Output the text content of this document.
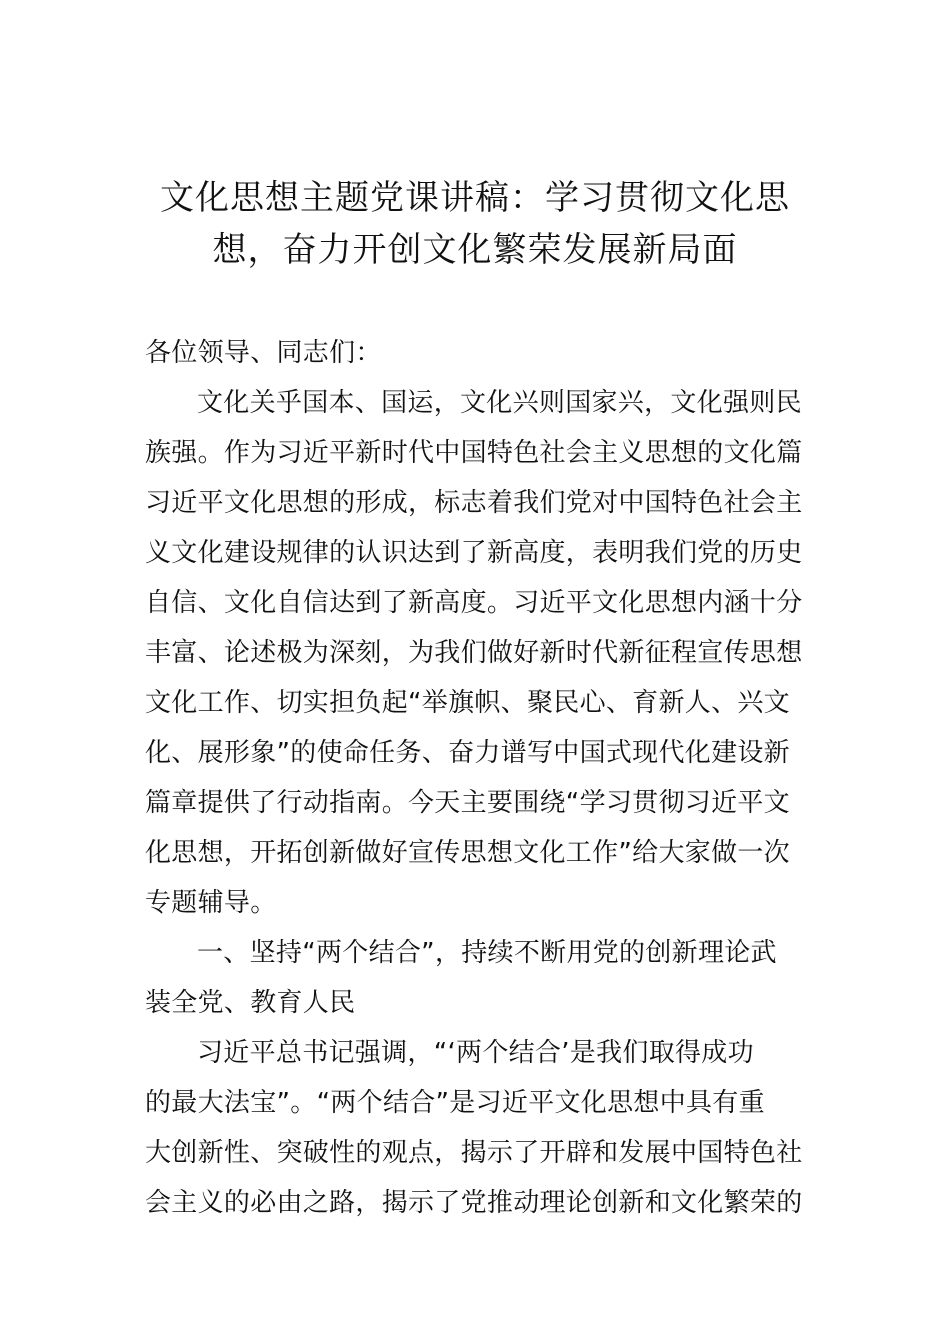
文化思想主题党课讲稿：学习贯彻文化思
想，奋力开创文化繁荣发展新局面
各位领导、同志们：
文化关乎国本、国运，文化兴则国家兴，文化强则民
族强。作为习近平新时代中国特色社会主义思想的文化篇
习近平文化思想的形成，标志着我们党对中国特色社会主
义文化建设规律的认识达到了新高度，表明我们党的历史
自信、文化自信达到了新高度。习近平文化思想内涵十分
丰富、论述极为深刻，为我们做好新时代新征程宣传思想
文化工作、切实担负起“举旗帜、聚民心、育新人、兴文
化、展形象”的使命任务、奋力谱写中国式现代化建设新
篇章提供了行动指南。今天主要围绕“学习贯彻习近平文
化思想，开拓创新做好宣传思想文化工作”给大家做一次
专题辅导。
一、坚持“两个结合”，持续不断用党的创新理论武
装全党、教育人民
习近平总书记强调，“‘两个结合’是我们取得成功
的最大法宝”。“两个结合”是习近平文化思想中具有重
大创新性、突破性的观点，揭示了开辟和发展中国特色社
会主义的必由之路，揭示了党推动理论创新和文化繁荣的
